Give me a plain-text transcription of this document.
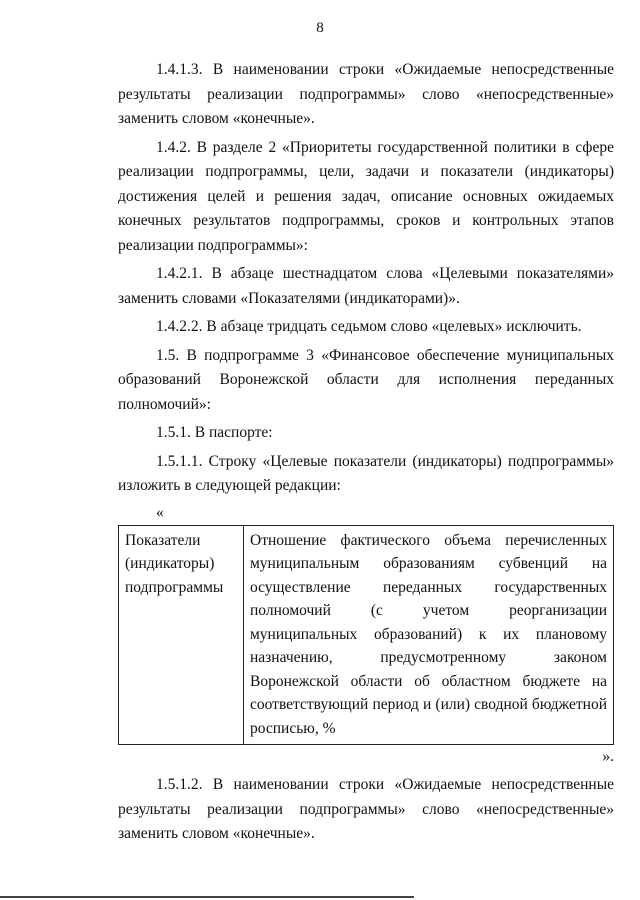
8

1.4.1.3. В наименовании строки «Ожидаемые непосредственные результаты реализации подпрограммы» слово «непосредственные» заменить словом «конечные».

1.4.2. В разделе 2 «Приоритеты государственной политики в сфере реализации подпрограммы, цели, задачи и показатели (индикаторы) достижения целей и решения задач, описание основных ожидаемых конечных результатов подпрограммы, сроков и контрольных этапов реализации подпрограммы»:

1.4.2.1. В абзаце шестнадцатом слова «Целевыми показателями» заменить словами «Показателями (индикаторами)».

1.4.2.2. В абзаце тридцать седьмом слово «целевых» исключить.

1.5. В подпрограмме 3 «Финансовое обеспечение муниципальных образований Воронежской области для исполнения переданных полномочий»:

1.5.1. В паспорте:

1.5.1.1. Строку «Целевые показатели (индикаторы) подпрограммы» изложить в следующей редакции:

«

Показатели (индикаторы) подпрограммы	Отношение фактического объема перечисленных муниципальным образованиям субвенций на осуществление переданных государственных полномочий (с учетом реорганизации муниципальных образований) к их плановому назначению, предусмотренному законом Воронежской области об областном бюджете на соответствующий период и (или) сводной бюджетной росписью, %

».

1.5.1.2. В наименовании строки «Ожидаемые непосредственные результаты реализации подпрограммы» слово «непосредственные» заменить словом «конечные».
